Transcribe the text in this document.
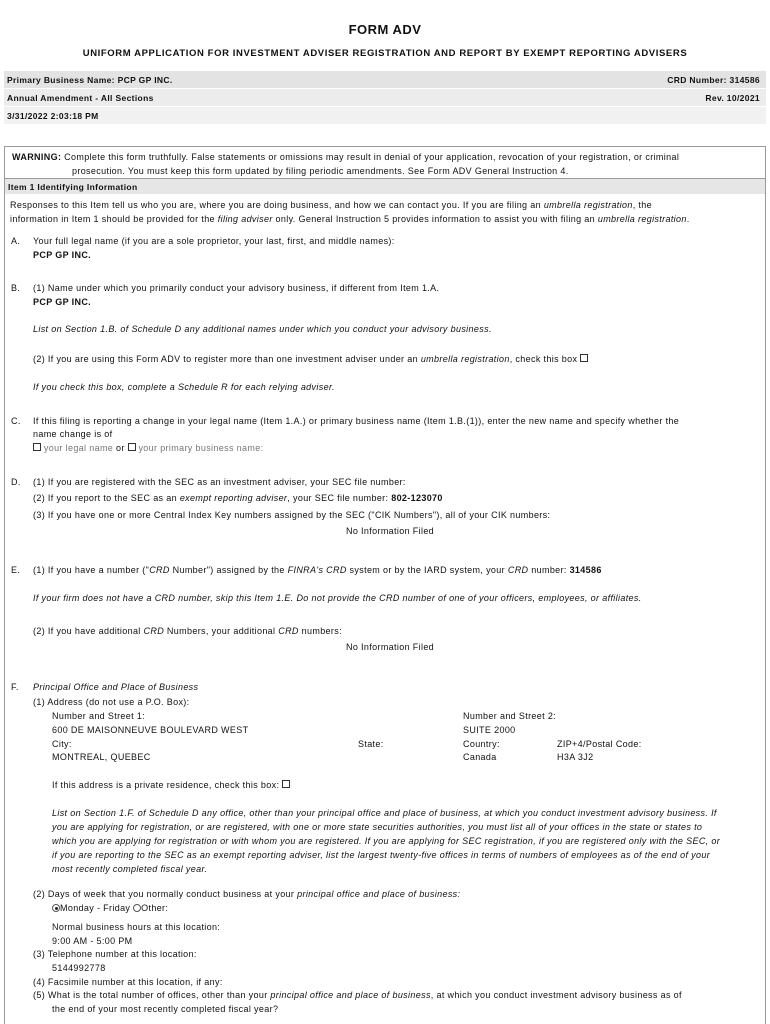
FORM ADV
UNIFORM APPLICATION FOR INVESTMENT ADVISER REGISTRATION AND REPORT BY EXEMPT REPORTING ADVISERS
Primary Business Name: PCP GP INC.	CRD Number: 314586
Annual Amendment - All Sections	Rev. 10/2021
3/31/2022 2:03:18 PM
WARNING: Complete this form truthfully. False statements or omissions may result in denial of your application, revocation of your registration, or criminal
prosecution. You must keep this form updated by filing periodic amendments. See Form ADV General Instruction 4.
Item 1 Identifying Information
Responses to this Item tell us who you are, where you are doing business, and how we can contact you. If you are filing an umbrella registration, the
information in Item 1 should be provided for the filing adviser only. General Instruction 5 provides information to assist you with filing an umbrella registration.
A. Your full legal name (if you are a sole proprietor, your last, first, and middle names):
PCP GP INC.
B. (1) Name under which you primarily conduct your advisory business, if different from Item 1.A.
PCP GP INC.
List on Section 1.B. of Schedule D any additional names under which you conduct your advisory business.
(2) If you are using this Form ADV to register more than one investment adviser under an umbrella registration, check this box
If you check this box, complete a Schedule R for each relying adviser.
C. If this filing is reporting a change in your legal name (Item 1.A.) or primary business name (Item 1.B.(1)), enter the new name and specify whether the
name change is of
your legal name or your primary business name:
D. (1) If you are registered with the SEC as an investment adviser, your SEC file number:
(2) If you report to the SEC as an exempt reporting adviser, your SEC file number: 802-123070
(3) If you have one or more Central Index Key numbers assigned by the SEC ("CIK Numbers"), all of your CIK numbers:
No Information Filed
E. (1) If you have a number ("CRD Number") assigned by the FINRA's CRD system or by the IARD system, your CRD number: 314586
If your firm does not have a CRD number, skip this Item 1.E. Do not provide the CRD number of one of your officers, employees, or affiliates.
(2) If you have additional CRD Numbers, your additional CRD numbers:
No Information Filed
F. Principal Office and Place of Business
(1) Address (do not use a P.O. Box):
Number and Street 1:
600 DE MAISONNEUVE BOULEVARD WEST
City:
MONTREAL, QUEBEC
State:
Number and Street 2:
SUITE 2000
Country:
Canada
ZIP+4/Postal Code:
H3A 3J2
If this address is a private residence, check this box:
List on Section 1.F. of Schedule D any office, other than your principal office and place of business, at which you conduct investment advisory business. If
you are applying for registration, or are registered, with one or more state securities authorities, you must list all of your offices in the state or states to
which you are applying for registration or with whom you are registered. If you are applying for SEC registration, if you are registered only with the SEC, or
if you are reporting to the SEC as an exempt reporting adviser, list the largest twenty-five offices in terms of numbers of employees as of the end of your
most recently completed fiscal year.
(2) Days of week that you normally conduct business at your principal office and place of business:
Monday - Friday Other:
Normal business hours at this location:
9:00 AM - 5:00 PM
(3) Telephone number at this location:
5144992778
(4) Facsimile number at this location, if any:
(5) What is the total number of offices, other than your principal office and place of business, at which you conduct investment advisory business as of
the end of your most recently completed fiscal year?
